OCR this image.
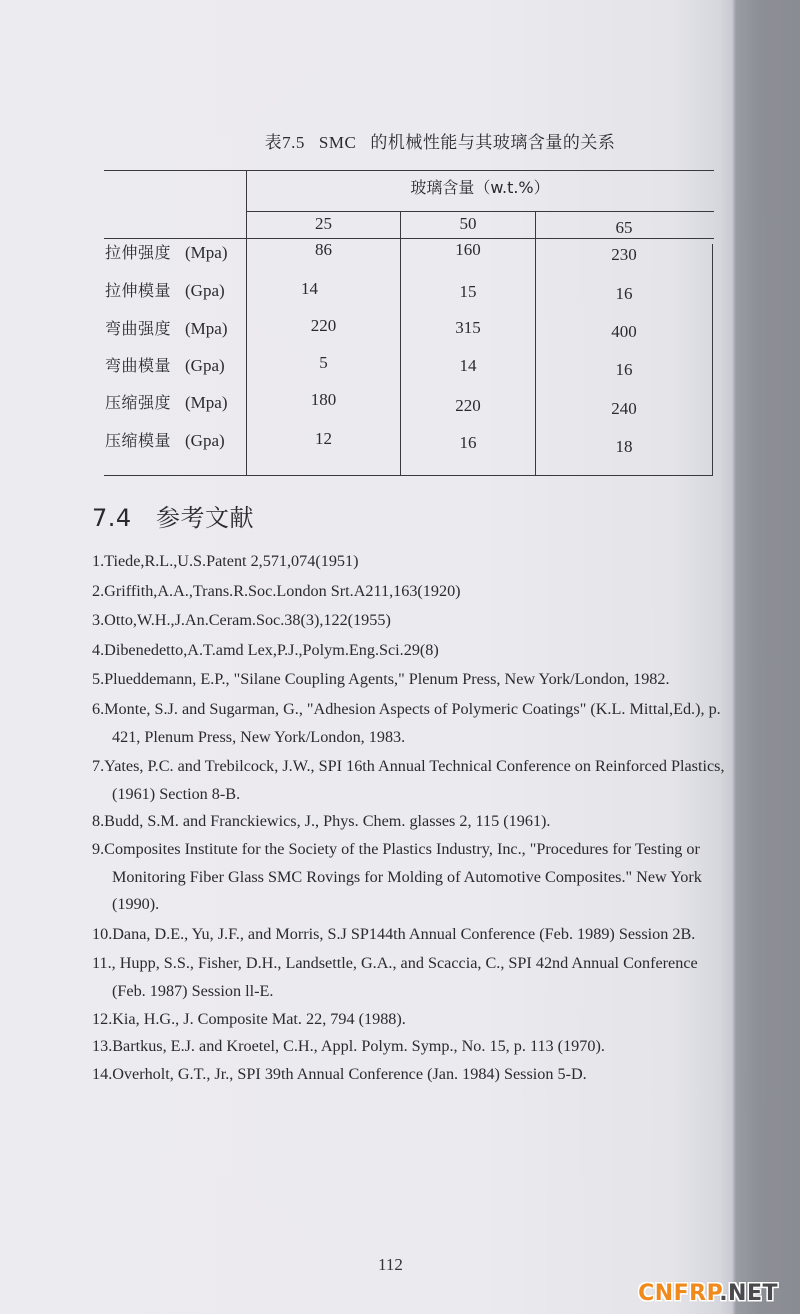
表7.5 SMC 的机械性能与其玻璃含量的关系
玻璃含量（w.t.%）
25	50	65
拉伸强度 (Mpa)	86	160	230
拉伸模量 (Gpa)	14	15	16
弯曲强度 (Mpa)	220	315	400
弯曲模量 (Gpa)	5	14	16
压缩强度 (Mpa)	180	220	240
压缩模量 (Gpa)	12	16	18
7.4 参考文献

1.Tiede,R.L.,U.S.Patent 2,571,074(1951)

2.Griffith,A.A.,Trans.R.Soc.London Srt.A211,163(1920)

3.Otto,W.H.,J.An.Ceram.Soc.38(3),122(1955)

4.Dibenedetto,A.T.amd Lex,P.J.,Polym.Eng.Sci.29(8)

5.Plueddemann, E.P., "Silane Coupling Agents," Plenum Press, New York/London, 1982.

6.Monte, S.J. and Sugarman, G., "Adhesion Aspects of Polymeric Coatings" (K.L. Mittal,Ed.), p. 421, Plenum Press, New York/London, 1983.

7.Yates, P.C. and Trebilcock, J.W., SPI 16th Annual Technical Conference on Reinforced Plastics, (1961) Section 8-B.

8.Budd, S.M. and Franckiewics, J., Phys. Chem. glasses 2, 115 (1961).

9.Composites Institute for the Society of the Plastics Industry, Inc., "Procedures for Testing or Monitoring Fiber Glass SMC Rovings for Molding of Automotive Composites." New York (1990).

10.Dana, D.E., Yu, J.F., and Morris, S.J SP144th Annual Conference (Feb. 1989) Session 2B.

11., Hupp, S.S., Fisher, D.H., Landsettle, G.A., and Scaccia, C., SPI 42nd Annual Conference (Feb. 1987) Session ll-E.

12.Kia, H.G., J. Composite Mat. 22, 794 (1988).

13.Bartkus, E.J. and Kroetel, C.H., Appl. Polym. Symp., No. 15, p. 113 (1970).

14.Overholt, G.T., Jr., SPI 39th Annual Conference (Jan. 1984) Session 5-D.

112
CNFRP.NET
